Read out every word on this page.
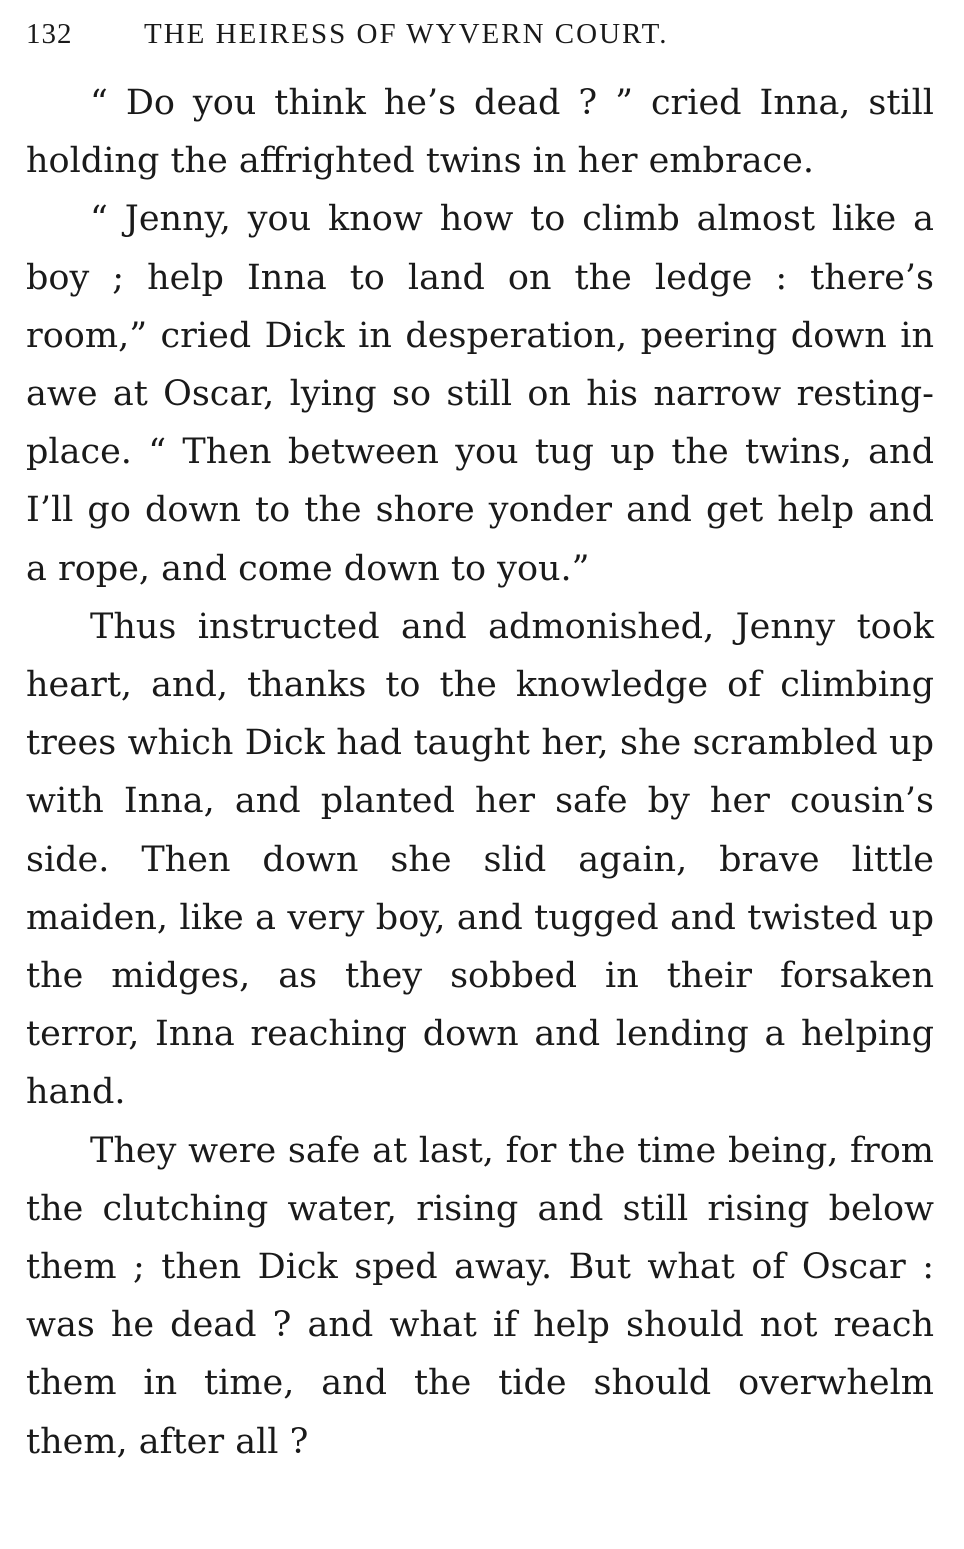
132	THE HEIRESS OF WYVERN COURT.

“ Do you think he’s dead ? ” cried Inna, still holding the affrighted twins in her embrace.

“ Jenny, you know how to climb almost like a boy ; help Inna to land on the ledge : there’s room,” cried Dick in desperation, peering down in awe at Oscar, lying so still on his narrow resting-place. “ Then between you tug up the twins, and I’ll go down to the shore yonder and get help and a rope, and come down to you.”

Thus instructed and admonished, Jenny took heart, and, thanks to the knowledge of climbing trees which Dick had taught her, she scrambled up with Inna, and planted her safe by her cousin’s side. Then down she slid again, brave little maiden, like a very boy, and tugged and twisted up the midges, as they sobbed in their forsaken terror, Inna reaching down and lending a helping hand.

They were safe at last, for the time being, from the clutching water, rising and still rising below them ; then Dick sped away. But what of Oscar : was he dead ? and what if help should not reach them in time, and the tide should overwhelm them, after all ?
